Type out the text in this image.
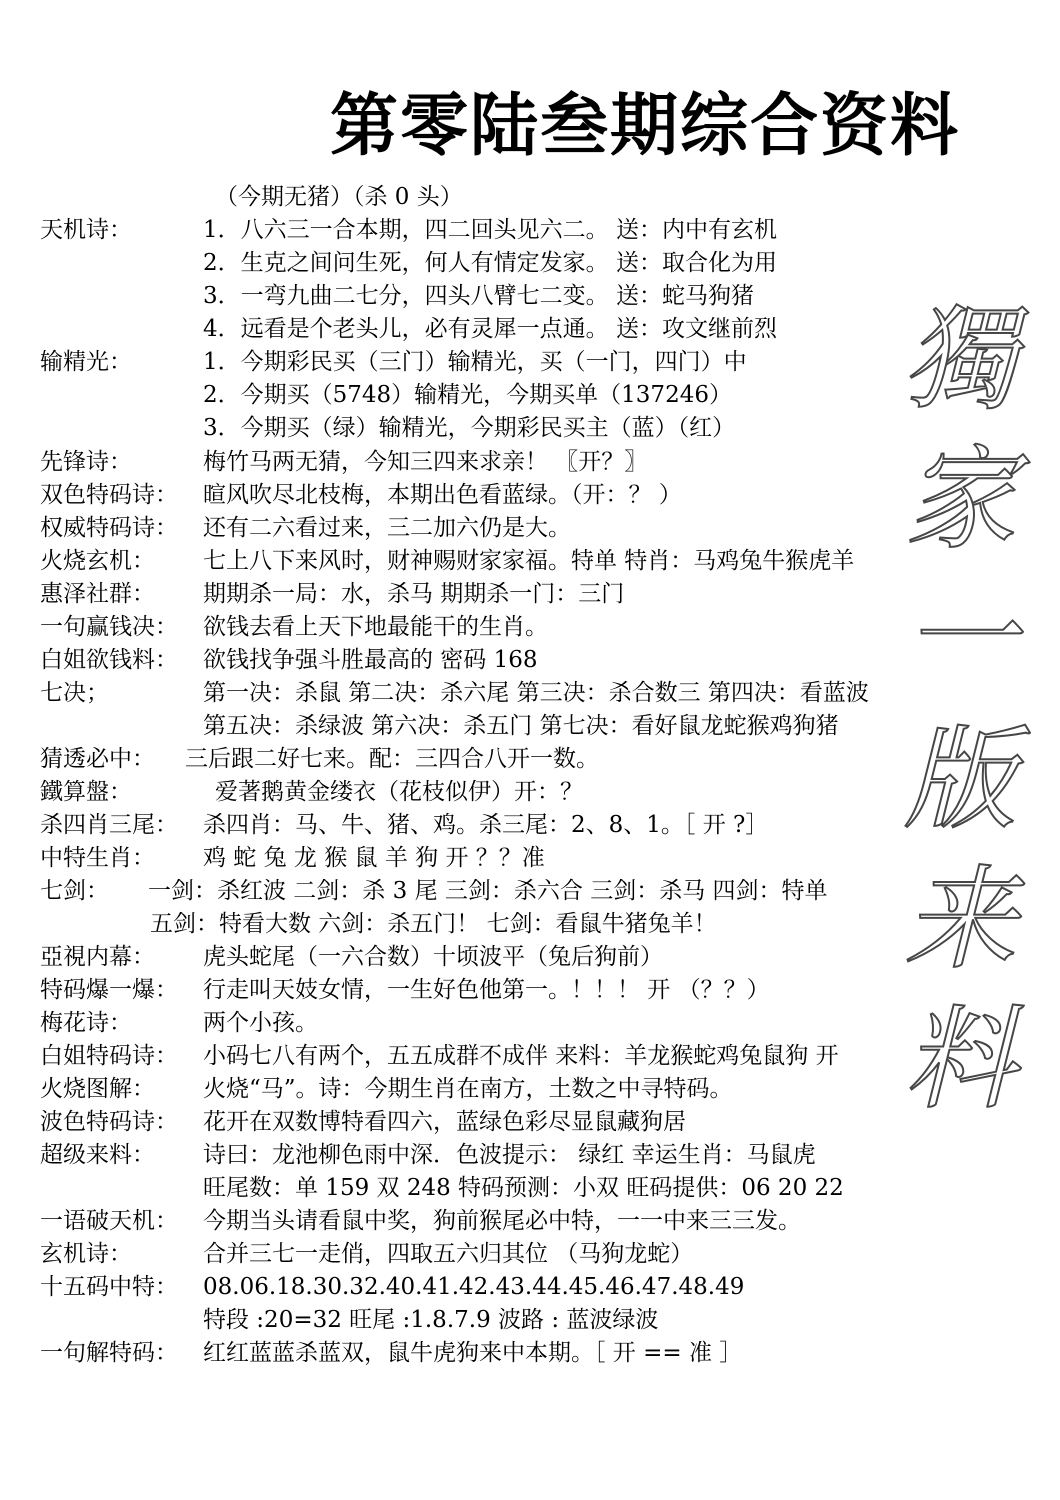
第零陆叁期综合资料
（今期无猪）（杀 0 头）
天机诗：	1．八六三一合本期，四二回头见六二。 送：内中有玄机
2．生克之间问生死，何人有情定发家。 送：取合化为用
3．一弯九曲二七分，四头八臂七二变。 送：蛇马狗猪
4．远看是个老头儿，必有灵犀一点通。 送：攻文继前烈
输精光：	1．今期彩民买（三门）输精光，买（一门，四门）中
2．今期买（5748）输精光，今期买单（137246）
3．今期买（绿）输精光，今期彩民买主（蓝）（红）
先锋诗：	梅竹马两无猜，今知三四来求亲！ 〖开？〗
双色特码诗： 暄风吹尽北枝梅，本期出色看蓝绿。（开：？ ）
权威特码诗： 还有二六看过来，三二加六仍是大。
火烧玄机： 七上八下来风时，财神赐财家家福。特单 特肖：马鸡兔牛猴虎羊
惠泽社群： 期期杀一局：水，杀马 期期杀一门：三门
一句赢钱决： 欲钱去看上天下地最能干的生肖。
白姐欲钱料： 欲钱找争强斗胜最高的 密码 168
七决；	第一决：杀鼠 第二决：杀六尾 第三决：杀合数三 第四决：看蓝波
第五决：杀绿波 第六决：杀五门 第七决：看好鼠龙蛇猴鸡狗猪
猜透必中： 三后跟二好七来。配：三四合八开一数。
鐵算盤：	爱著鹅黄金缕衣（花枝似伊）开：？
杀四肖三尾： 杀四肖：马、牛、猪、鸡。杀三尾：2、8、1。［ 开 ?］
中特生肖： 鸡 蛇 兔 龙 猴 鼠 羊 狗 开 ？？准
七剑： 一剑：杀红波 二剑：杀 3 尾 三剑：杀六合 三剑：杀马 四剑：特单
五剑：特看大数 六剑：杀五门！ 七剑：看鼠牛猪兔羊！
亞視内幕： 虎头蛇尾（一六合数）十顷波平（兔后狗前）
特码爆一爆： 行走叫天妓女情，一生好色他第一。！！！ 开 （？？）
梅花诗：	两个小孩。
白姐特码诗： 小码七八有两个，五五成群不成伴 来料：羊龙猴蛇鸡兔鼠狗 开
火烧图解： 火烧“马”。诗：今期生肖在南方，土数之中寻特码。
波色特码诗： 花开在双数博特看四六，蓝绿色彩尽显鼠藏狗居
超级来料： 诗曰：龙池柳色雨中深．色波提示： 绿红 幸运生肖：马鼠虎
旺尾数：单 159 双 248 特码预测：小双 旺码提供：06 20 22
一语破天机： 今期当头请看鼠中奖，狗前猴尾必中特，一一中来三三发。
玄机诗：	合并三七一走俏，四取五六归其位 （马狗龙蛇）
十五码中特： 08.06.18.30.32.40.41.42.43.44.45.46.47.48.49
特段 :20=32 旺尾 :1.8.7.9 波路 : 蓝波绿波
一句解特码： 红红蓝蓝杀蓝双，鼠牛虎狗来中本期。［ 开 == 准 ］
獨
家
一
版
来
料
